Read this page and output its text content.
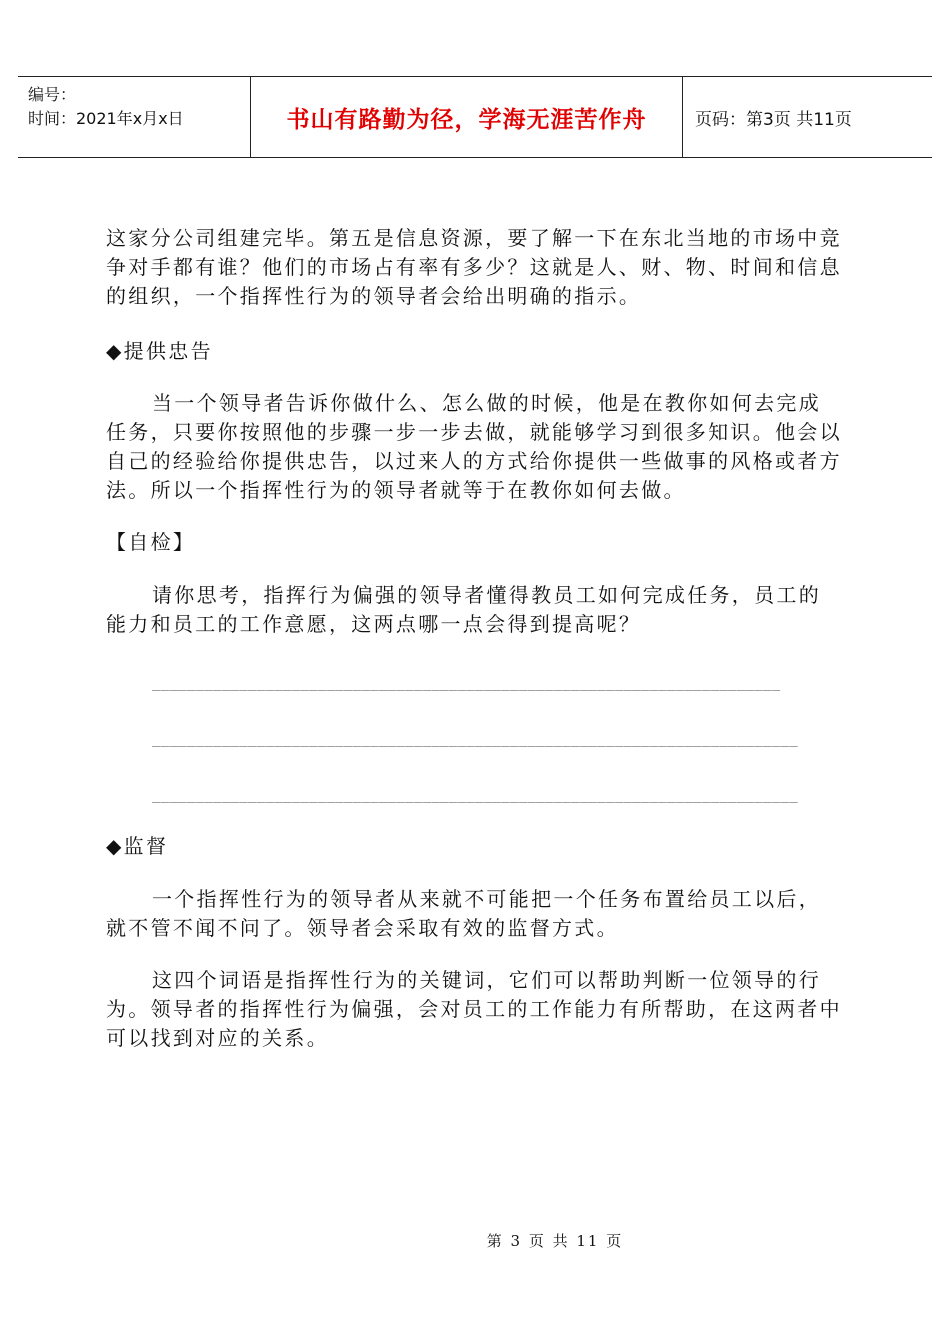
编号：
时间：2021年x月x日	书山有路勤为径，学海无涯苦作舟	页码：第3页 共11页

这家分公司组建完毕。第五是信息资源，要了解一下在东北当地的市场中竞争对手都有谁？他们的市场占有率有多少？这就是人、财、物、时间和信息的组织，一个指挥性行为的领导者会给出明确的指示。

◆提供忠告

当一个领导者告诉你做什么、怎么做的时候，他是在教你如何去完成任务，只要你按照他的步骤一步一步去做，就能够学习到很多知识。他会以自己的经验给你提供忠告，以过来人的方式给你提供一些做事的风格或者方法。所以一个指挥性行为的领导者就等于在教你如何去做。

【自检】

请你思考，指挥行为偏强的领导者懂得教员工如何完成任务，员工的能力和员工的工作意愿，这两点哪一点会得到提高呢？

________________________________________________________________________

__________________________________________________________________________

__________________________________________________________________________

◆监督

一个指挥性行为的领导者从来就不可能把一个任务布置给员工以后，就不管不闻不问了。领导者会采取有效的监督方式。

这四个词语是指挥性行为的关键词，它们可以帮助判断一位领导的行为。领导者的指挥性行为偏强，会对员工的工作能力有所帮助，在这两者中可以找到对应的关系。

第 3 页 共 11 页
